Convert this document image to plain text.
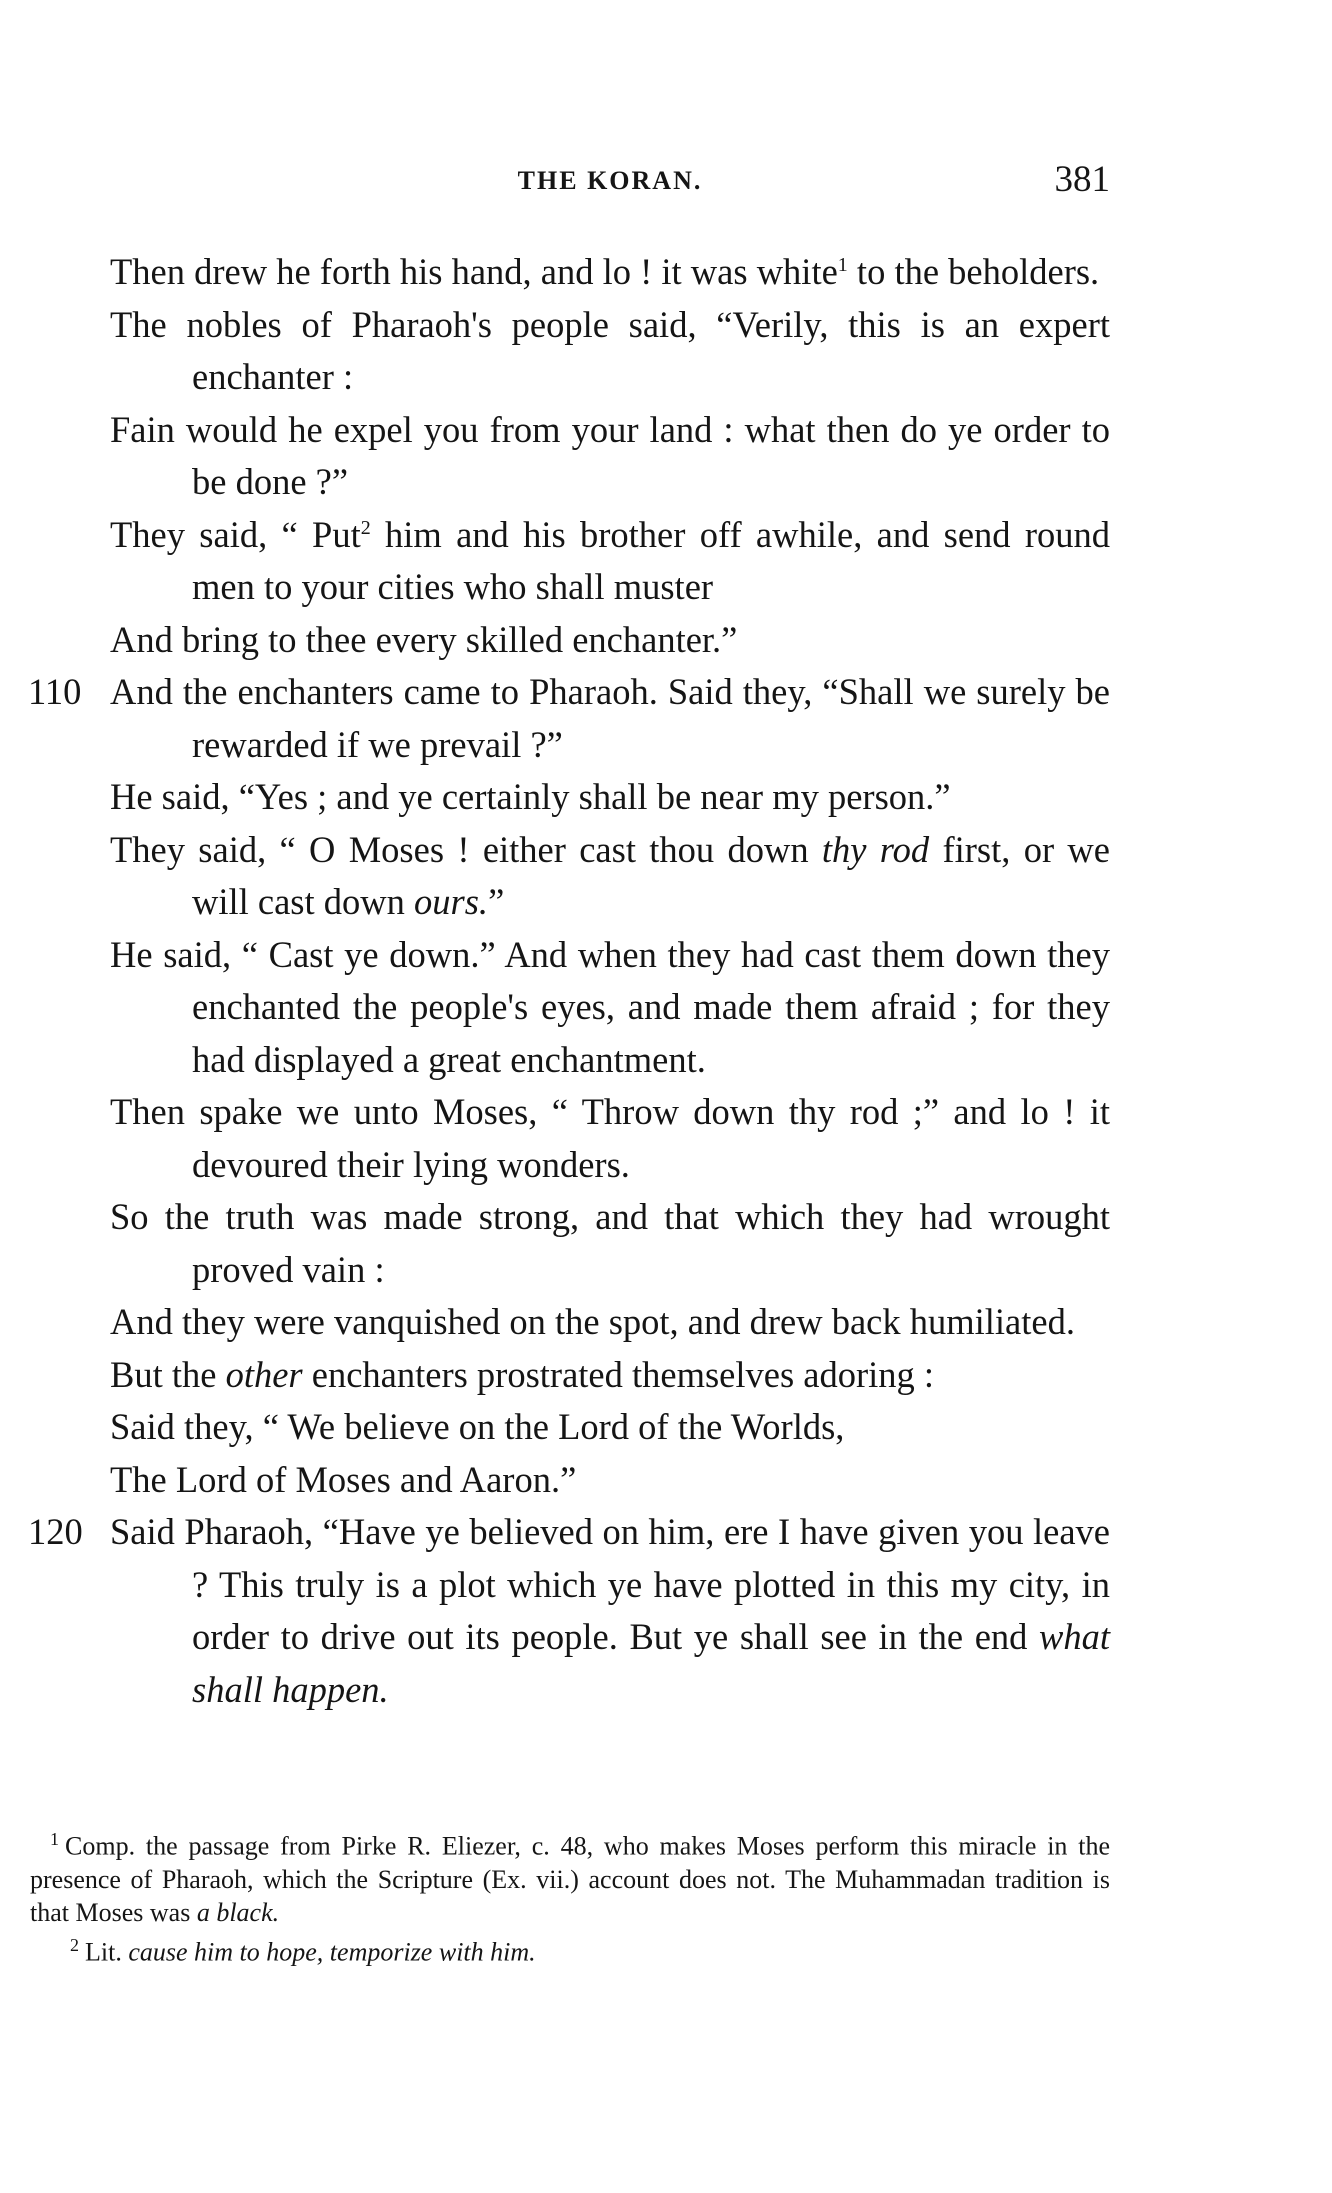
THE KORAN.	381
Then drew he forth his hand, and lo ! it was white$^1$ to the beholders.
The nobles of Pharaoh's people said, “Verily, this is an expert enchanter :
Fain would he expel you from your land : what then do ye order to be done ?”
They said, “ Put$^2$ him and his brother off awhile, and send round men to your cities who shall muster
And bring to thee every skilled enchanter.”
110 And the enchanters came to Pharaoh. Said they, “Shall we surely be rewarded if we prevail ?”
He said, “Yes ; and ye certainly shall be near my person.”
They said, “ O Moses ! either cast thou down thy rod first, or we will cast down ours.”
He said, “ Cast ye down.” And when they had cast them down they enchanted the people's eyes, and made them afraid ; for they had displayed a great enchantment.
Then spake we unto Moses, “ Throw down thy rod ;” and lo ! it devoured their lying wonders.
So the truth was made strong, and that which they had wrought proved vain :
And they were vanquished on the spot, and drew back humiliated.
But the other enchanters prostrated themselves adoring :
Said they, “ We believe on the Lord of the Worlds,
The Lord of Moses and Aaron.”
120 Said Pharaoh, “Have ye believed on him, ere I have given you leave ? This truly is a plot which ye have plotted in this my city, in order to drive out its people. But ye shall see in the end what shall happen.

$^1$ Comp. the passage from Pirke R. Eliezer, c. 48, who makes Moses perform this miracle in the presence of Pharaoh, which the Scripture (Ex. vii.) account does not. The Muhammadan tradition is that Moses was a black.

$^2$ Lit. cause him to hope, temporize with him.
